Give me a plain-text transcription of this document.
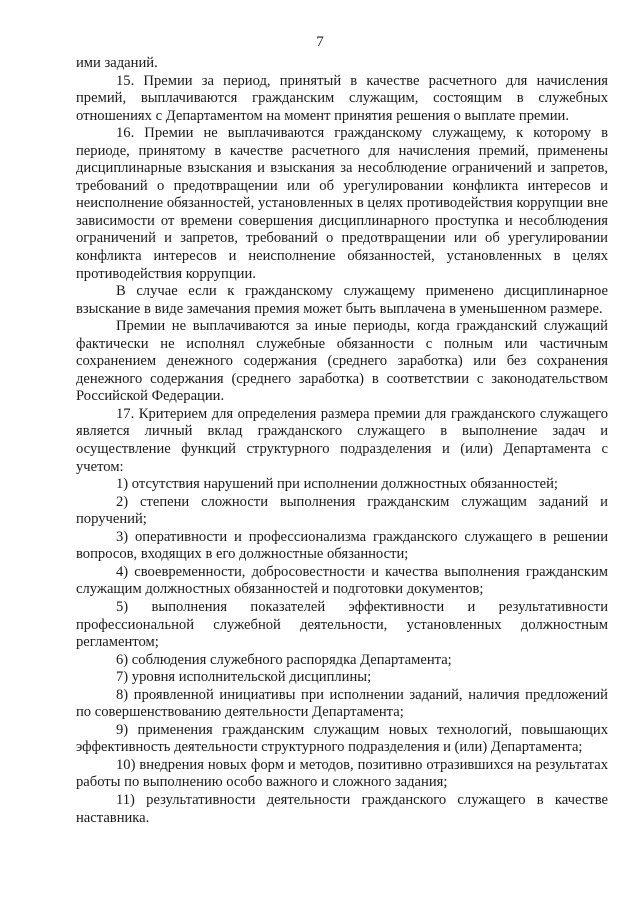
7

ими заданий.

15. Премии за период, принятый в качестве расчетного для начисления премий, выплачиваются гражданским служащим, состоящим в служебных отношениях с Департаментом на момент принятия решения о выплате премии.

16. Премии не выплачиваются гражданскому служащему, к которому в периоде, принятому в качестве расчетного для начисления премий, применены дисциплинарные взыскания и взыскания за несоблюдение ограничений и запретов, требований о предотвращении или об урегулировании конфликта интересов и неисполнение обязанностей, установленных в целях противодействия коррупции вне зависимости от времени совершения дисциплинарного проступка и несоблюдения ограничений и запретов, требований о предотвращении или об урегулировании конфликта интересов и неисполнение обязанностей, установленных в целях противодействия коррупции.

В случае если к гражданскому служащему применено дисциплинарное взыскание в виде замечания премия может быть выплачена в уменьшенном размере.

Премии не выплачиваются за иные периоды, когда гражданский служащий фактически не исполнял служебные обязанности с полным или частичным сохранением денежного содержания (среднего заработка) или без сохранения денежного содержания (среднего заработка) в соответствии с законодательством Российской Федерации.

17. Критерием для определения размера премии для гражданского служащего является личный вклад гражданского служащего в выполнение задач и осуществление функций структурного подразделения и (или) Департамента с учетом:

1) отсутствия нарушений при исполнении должностных обязанностей;

2) степени сложности выполнения гражданским служащим заданий и поручений;

3) оперативности и профессионализма гражданского служащего в решении вопросов, входящих в его должностные обязанности;

4) своевременности, добросовестности и качества выполнения гражданским служащим должностных обязанностей и подготовки документов;

5) выполнения показателей эффективности и результативности профессиональной служебной деятельности, установленных должностным регламентом;

6) соблюдения служебного распорядка Департамента;

7) уровня исполнительской дисциплины;

8) проявленной инициативы при исполнении заданий, наличия предложений по совершенствованию деятельности Департамента;

9) применения гражданским служащим новых технологий, повышающих эффективность деятельности структурного подразделения и (или) Департамента;

10) внедрения новых форм и методов, позитивно отразившихся на результатах работы по выполнению особо важного и сложного задания;

11) результативности деятельности гражданского служащего в качестве наставника.
